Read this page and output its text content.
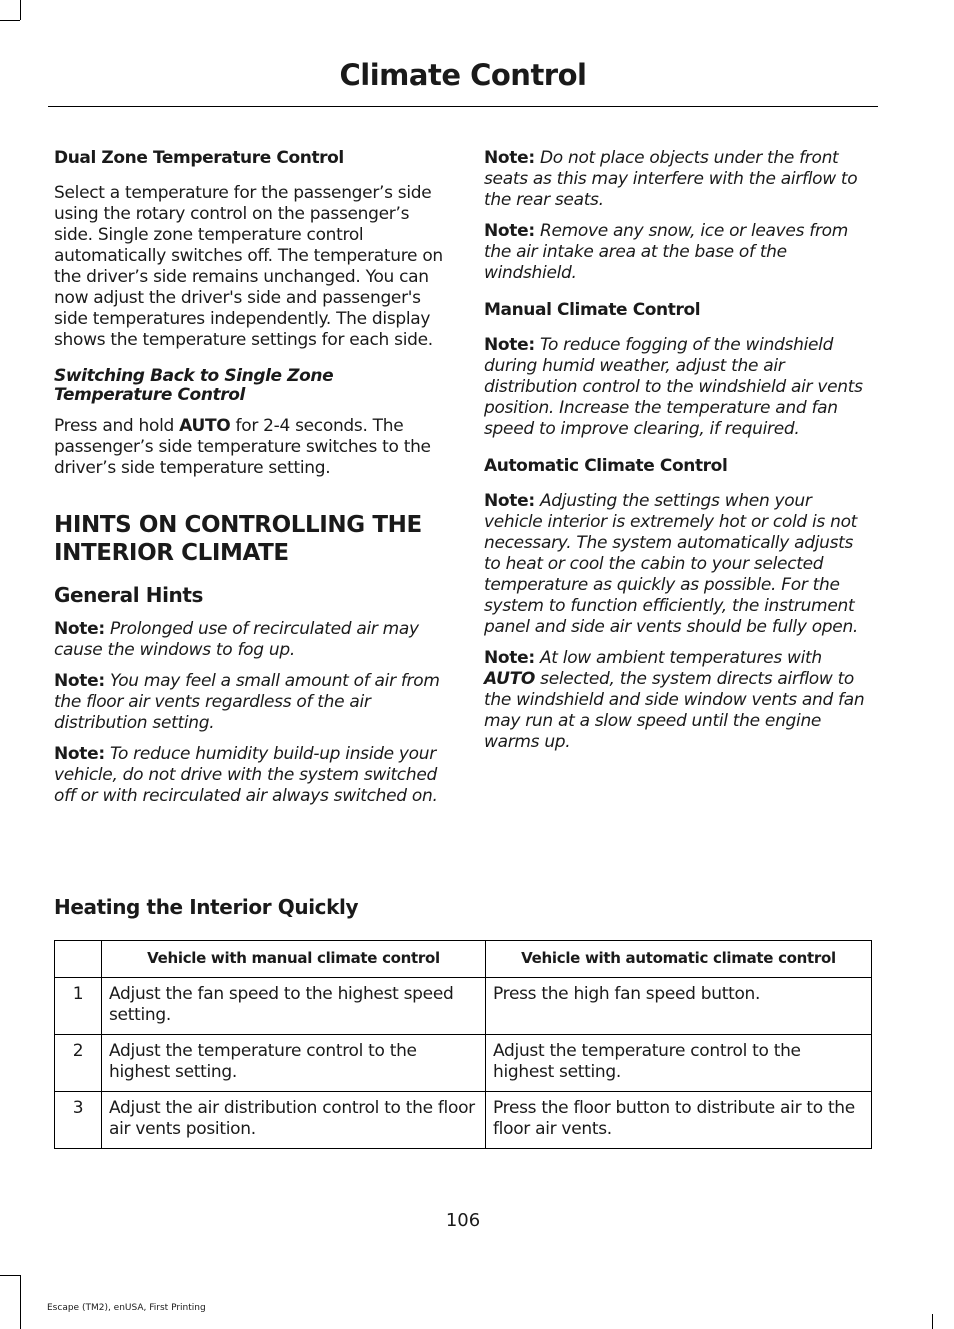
Climate Control
Dual Zone Temperature Control

Select a temperature for the passenger’s side using the rotary control on the passenger’s side. Single zone temperature control automatically switches off. The temperature on the driver’s side remains unchanged. You can now adjust the driver's side and passenger's side temperatures independently. The display shows the temperature settings for each side.

Switching Back to Single Zone Temperature Control

Press and hold AUTO for 2-4 seconds. The passenger’s side temperature switches to the driver’s side temperature setting.

HINTS ON CONTROLLING THE INTERIOR CLIMATE
General Hints

Note: Prolonged use of recirculated air may cause the windows to fog up.

Note: You may feel a small amount of air from the floor air vents regardless of the air distribution setting.

Note: To reduce humidity build-up inside your vehicle, do not drive with the system switched off or with recirculated air always switched on.

Note: Do not place objects under the front seats as this may interfere with the airflow to the rear seats.

Note: Remove any snow, ice or leaves from the air intake area at the base of the windshield.

Manual Climate Control

Note: To reduce fogging of the windshield during humid weather, adjust the air distribution control to the windshield air vents position. Increase the temperature and fan speed to improve clearing, if required.

Automatic Climate Control

Note: Adjusting the settings when your vehicle interior is extremely hot or cold is not necessary. The system automatically adjusts to heat or cool the cabin to your selected temperature as quickly as possible. For the system to function efficiently, the instrument panel and side air vents should be fully open.

Note: At low ambient temperatures with AUTO selected, the system directs airflow to the windshield and side window vents and fan may run at a slow speed until the engine warms up.

Heating the Interior Quickly
	Vehicle with manual climate control	Vehicle with automatic climate control
1	Adjust the fan speed to the highest speed setting.	Press the high fan speed button.
2	Adjust the temperature control to the highest setting.	Adjust the temperature control to the highest setting.
3	Adjust the air distribution control to the floor air vents position.	Press the floor button to distribute air to the floor air vents.
106
Escape (TM2), enUSA, First Printing
